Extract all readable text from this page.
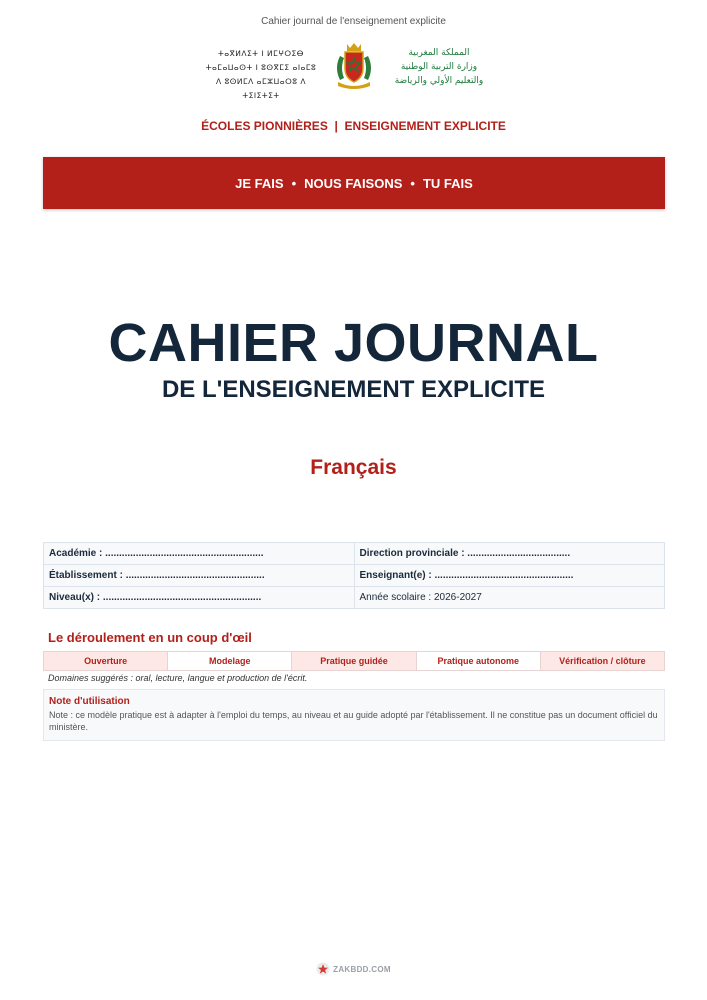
Cahier journal de l'enseignement explicite
ⵜⴰⴳⵍⴷⵉⵜ ⵏ ⵍⵎⵖⵔⵉⴱ
ⵜⴰⵎⴰⵡⴰⵙⵜ ⵏ ⵓⵙⴳⵎⵉ ⴰⵏⴰⵎⵓ
ⴷ ⵓⵙⵍⵎⴷ ⴰⵎⵣⵡⴰⵔⵓ ⴷ ⵜⵉⵏⵉⵜⵉⵜ
المملكة المغربية
وزارة التربية الوطنية
والتعليم الأولي والرياضة
ÉCOLES PIONNIÈRES  |  ENSEIGNEMENT EXPLICITE
JE FAIS • NOUS FAISONS • TU FAIS
CAHIER JOURNAL
DE L'ENSEIGNEMENT EXPLICITE
Français
Académie : .........................................................	Direction provinciale : .....................................
Établissement : ..................................................	Enseignant(e) : ..................................................
Niveau(x) : .........................................................	Année scolaire : 2026-2027
Le déroulement en un coup d'œil
Ouverture	Modelage	Pratique guidée	Pratique autonome	Vérification / clôture
Domaines suggérés : oral, lecture, langue et production de l'écrit.
Note d'utilisation
Note : ce modèle pratique est à adapter à l'emploi du temps, au niveau et au guide adopté par l'établissement. Il ne constitue pas un document officiel du ministère.
ZAKBDD.COM
